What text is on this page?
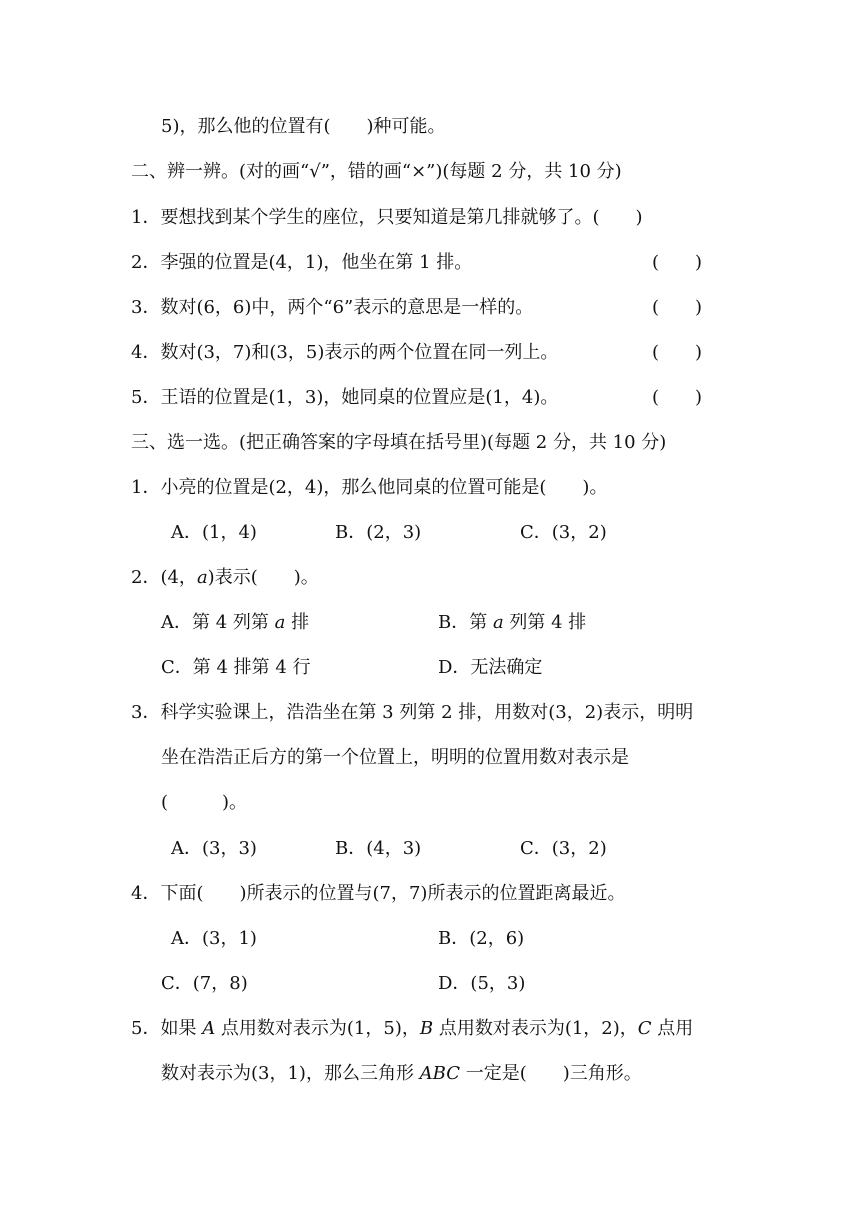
5)，那么他的位置有(　　)种可能。
二、辨一辨。(对的画“√”，错的画“×”)(每题 2 分，共 10 分)
1．要想找到某个学生的座位，只要知道是第几排就够了。(　　)
2．李强的位置是(4，1)，他坐在第 1 排。	(　　)
3．数对(6，6)中，两个“6”表示的意思是一样的。	(　　)
4．数对(3，7)和(3，5)表示的两个位置在同一列上。	(　　)
5．王语的位置是(1，3)，她同桌的位置应是(1，4)。	(　　)
三、选一选。(把正确答案的字母填在括号里)(每题 2 分，共 10 分)
1．小亮的位置是(2，4)，那么他同桌的位置可能是(　　)。
A．(1，4)	B．(2，3)	C．(3，2)
2．(4，a)表示(　　)。
A．第 4 列第 a 排	B．第 a 列第 4 排
C．第 4 排第 4 行	D．无法确定
3．科学实验课上，浩浩坐在第 3 列第 2 排，用数对(3，2)表示，明明
坐在浩浩正后方的第一个位置上，明明的位置用数对表示是
(　　　)。
A．(3，3)	B．(4，3)	C．(3，2)
4．下面(　　)所表示的位置与(7，7)所表示的位置距离最近。
A．(3，1)	B．(2，6)
C．(7，8)	D．(5，3)
5．如果 A 点用数对表示为(1，5)，B 点用数对表示为(1，2)，C 点用
数对表示为(3，1)，那么三角形 ABC 一定是(　　)三角形。
